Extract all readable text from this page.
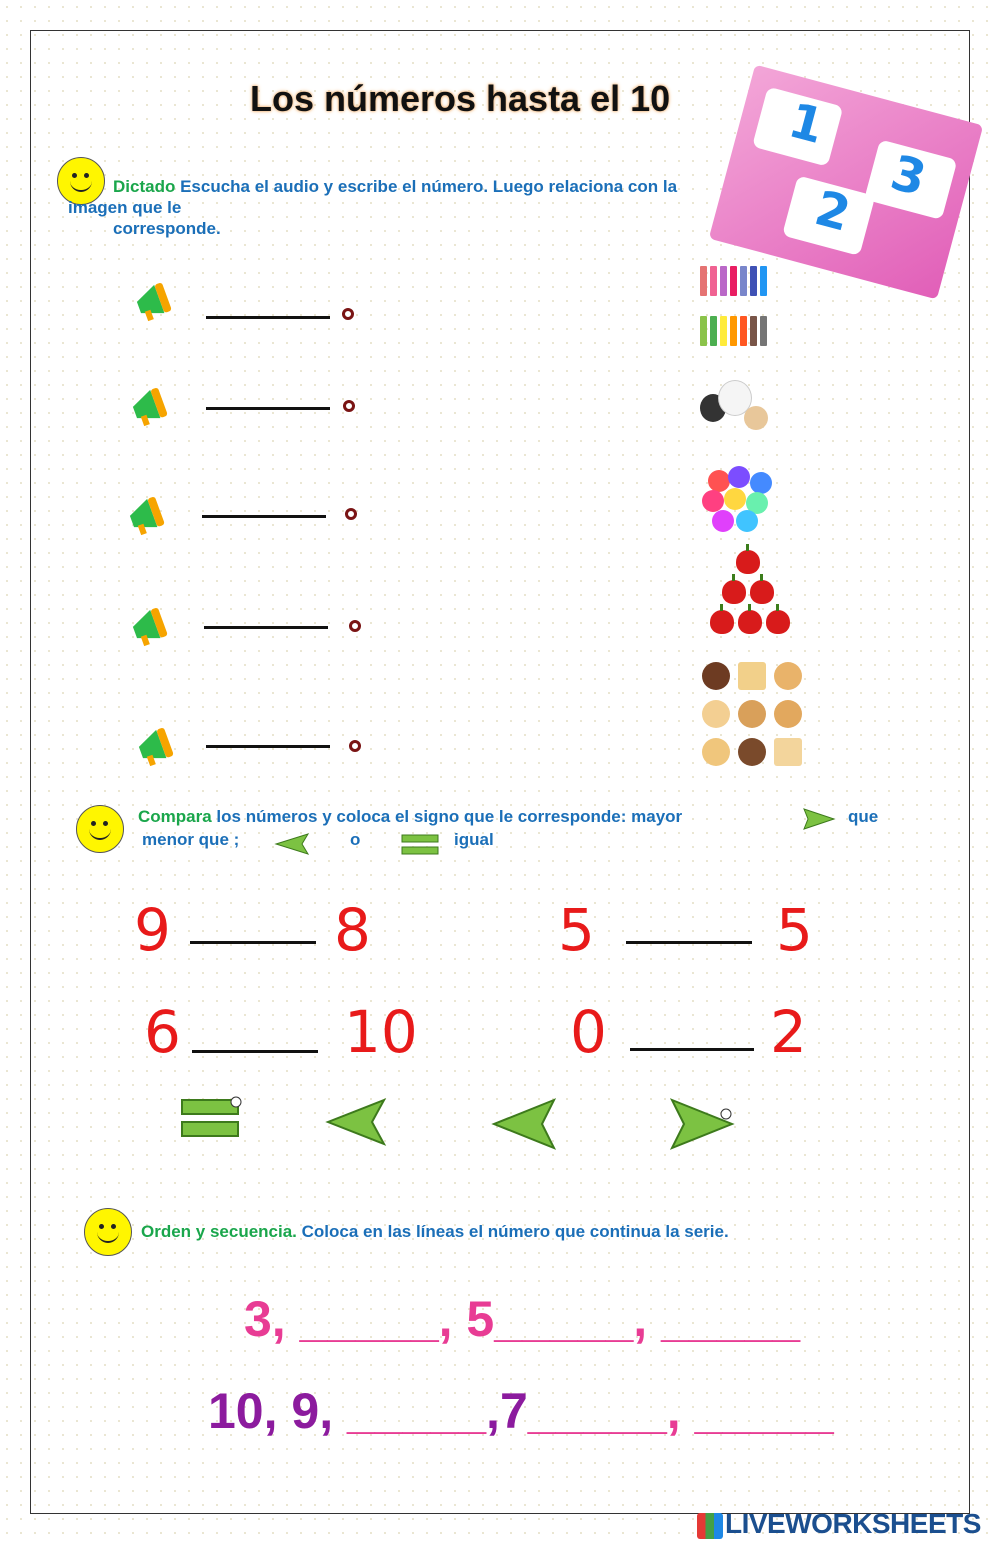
Los números hasta el 10 1
2
3
Dictado Escucha el audio y escribe el número. Luego relaciona con la imagen que le
corresponde.
Compara los números y coloca el signo que le corresponde: mayor	que
menor que ;	o	igual
9	8	5	5
6	10	0	2
Orden y secuencia. Coloca en las líneas el número que continua la serie.
3, _____, 5_____, _____
10, 9, _____,7_____, _____
LIVEWORKSHEETS
